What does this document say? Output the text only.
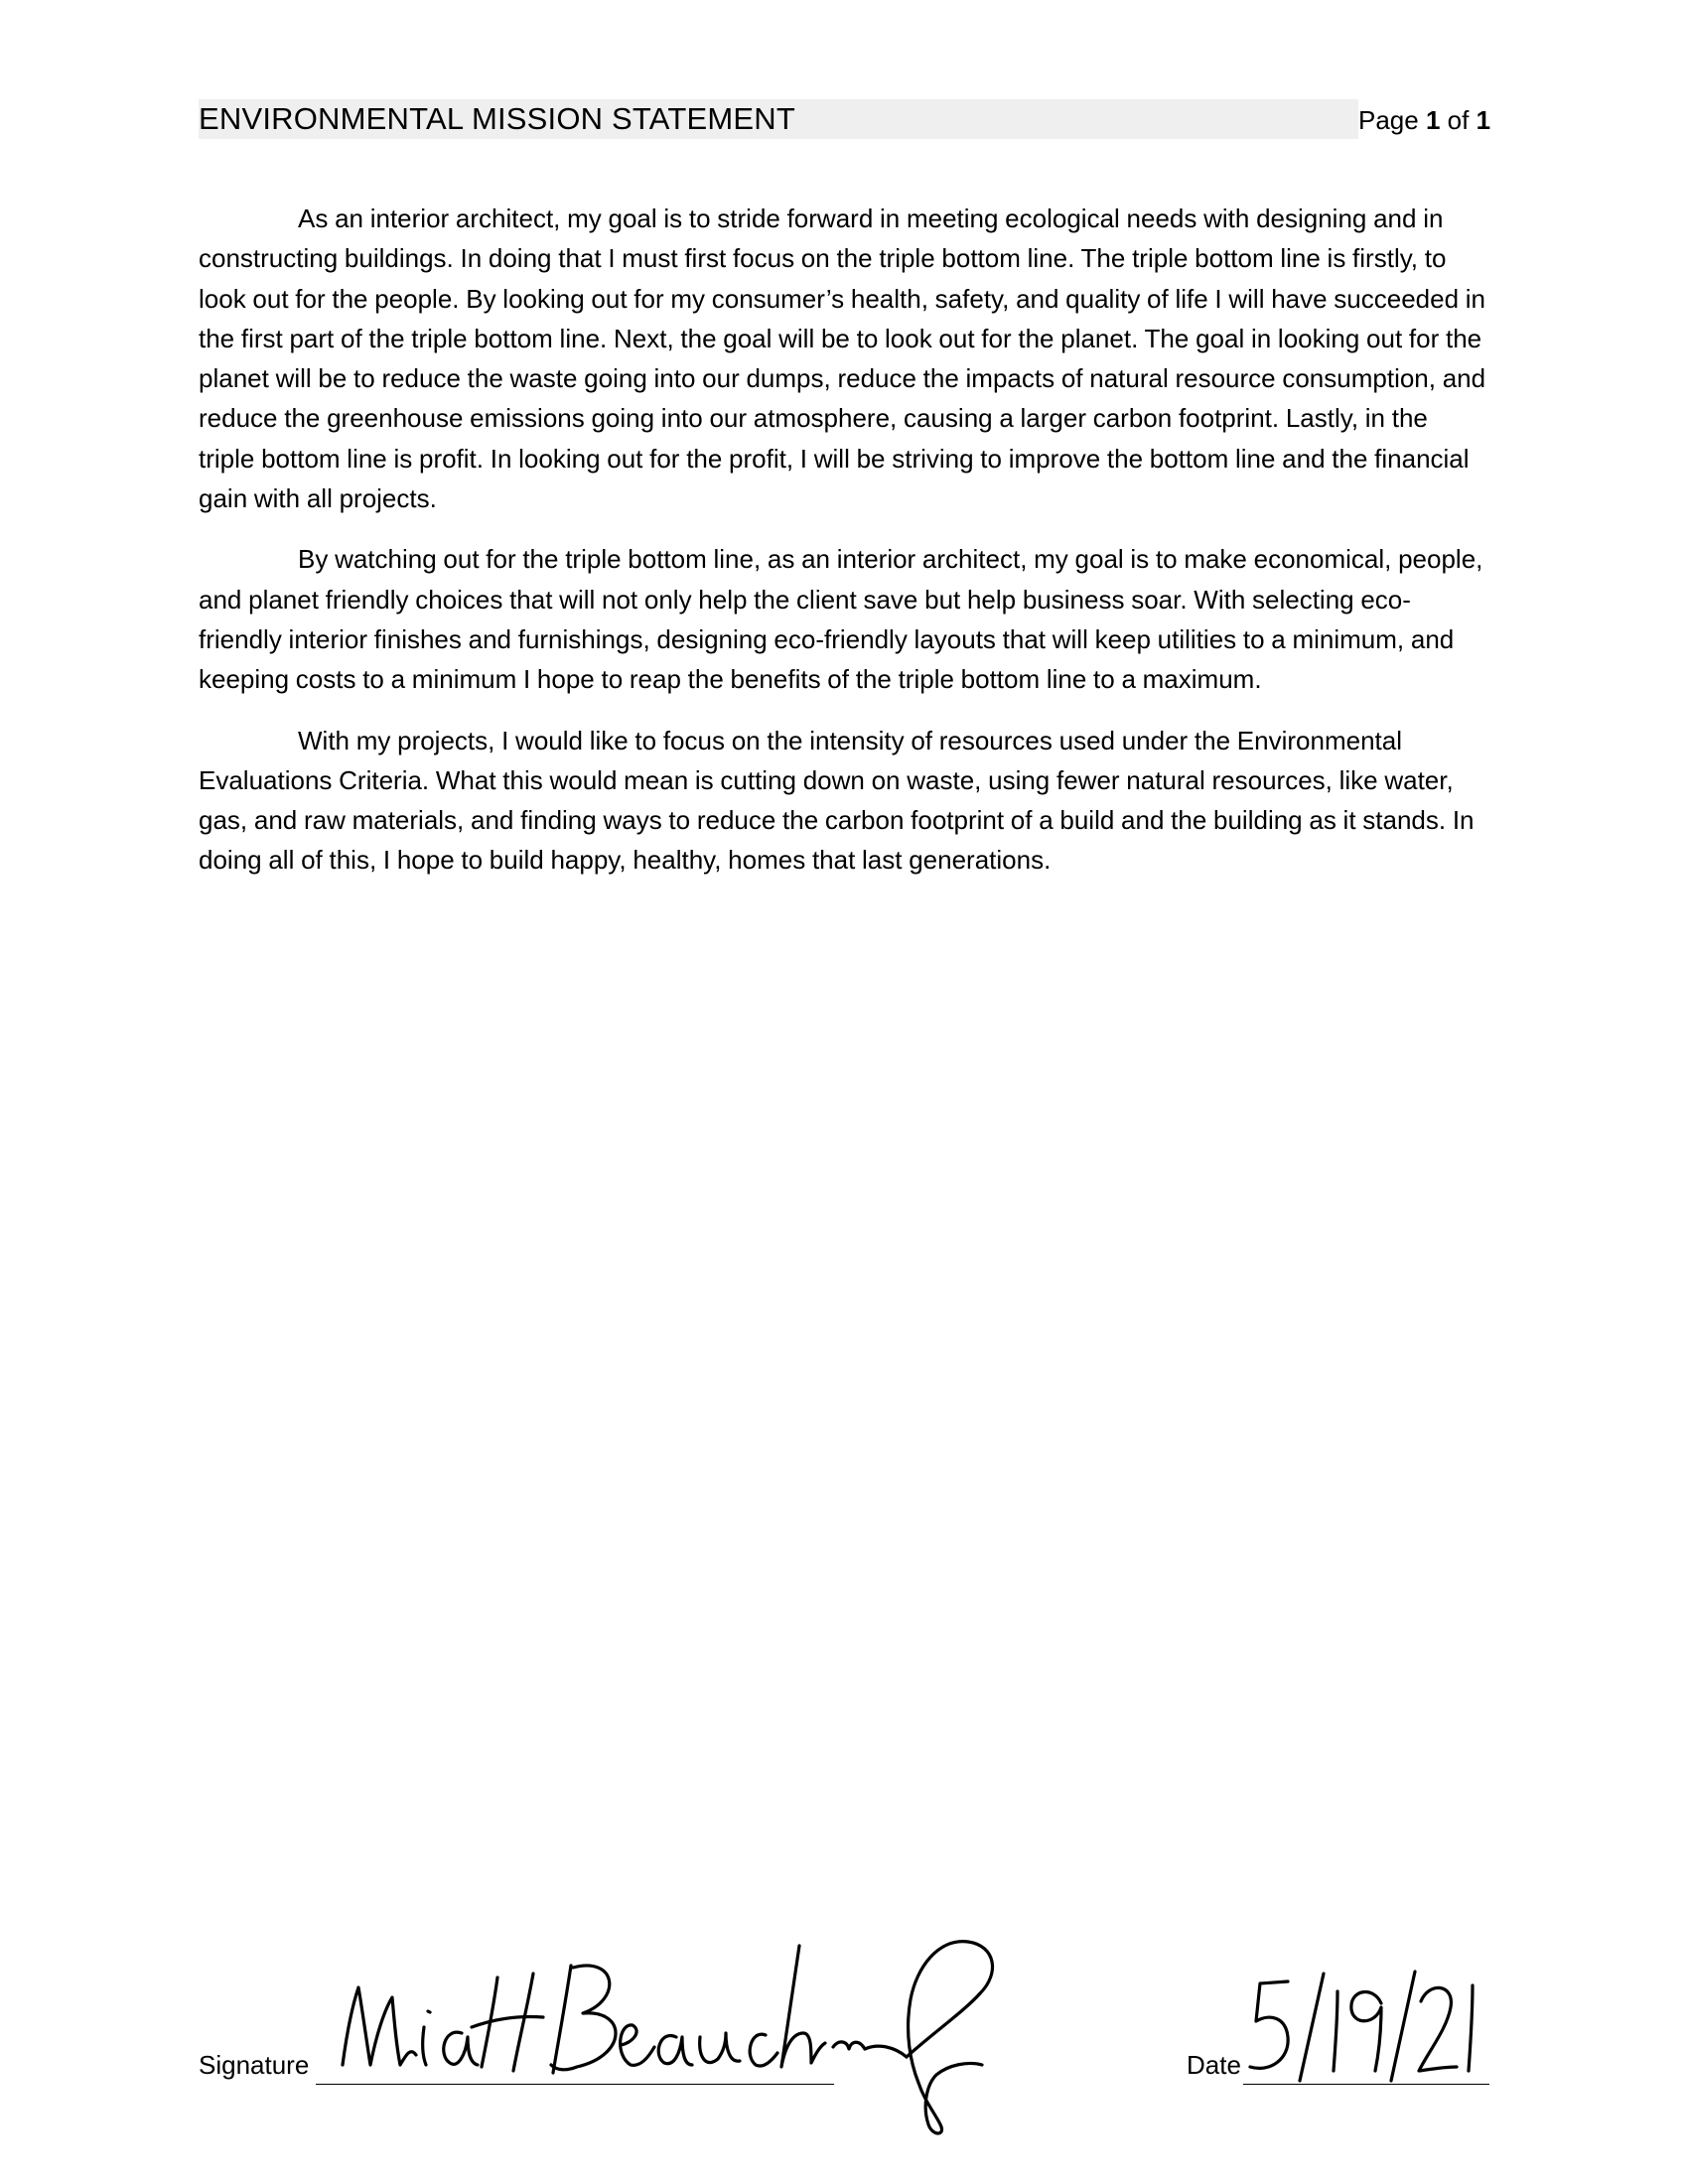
ENVIRONMENTAL MISSION STATEMENT	Page 1 of 1

As an interior architect, my goal is to stride forward in meeting ecological needs with designing and in constructing buildings. In doing that I must first focus on the triple bottom line. The triple bottom line is firstly, to look out for the people. By looking out for my consumer’s health, safety, and quality of life I will have succeeded in the first part of the triple bottom line. Next, the goal will be to look out for the planet. The goal in looking out for the planet will be to reduce the waste going into our dumps, reduce the impacts of natural resource consumption, and reduce the greenhouse emissions going into our atmosphere, causing a larger carbon footprint. Lastly, in the triple bottom line is profit. In looking out for the profit, I will be striving to improve the bottom line and the financial gain with all projects.

By watching out for the triple bottom line, as an interior architect, my goal is to make economical, people, and planet friendly choices that will not only help the client save but help business soar. With selecting eco-friendly interior finishes and furnishings, designing eco-friendly layouts that will keep utilities to a minimum, and keeping costs to a minimum I hope to reap the benefits of the triple bottom line to a maximum.

With my projects, I would like to focus on the intensity of resources used under the Environmental Evaluations Criteria. What this would mean is cutting down on waste, using fewer natural resources, like water, gas, and raw materials, and finding ways to reduce the carbon footprint of a build and the building as it stands. In doing all of this, I hope to build happy, healthy, homes that last generations.

Signature	Date
